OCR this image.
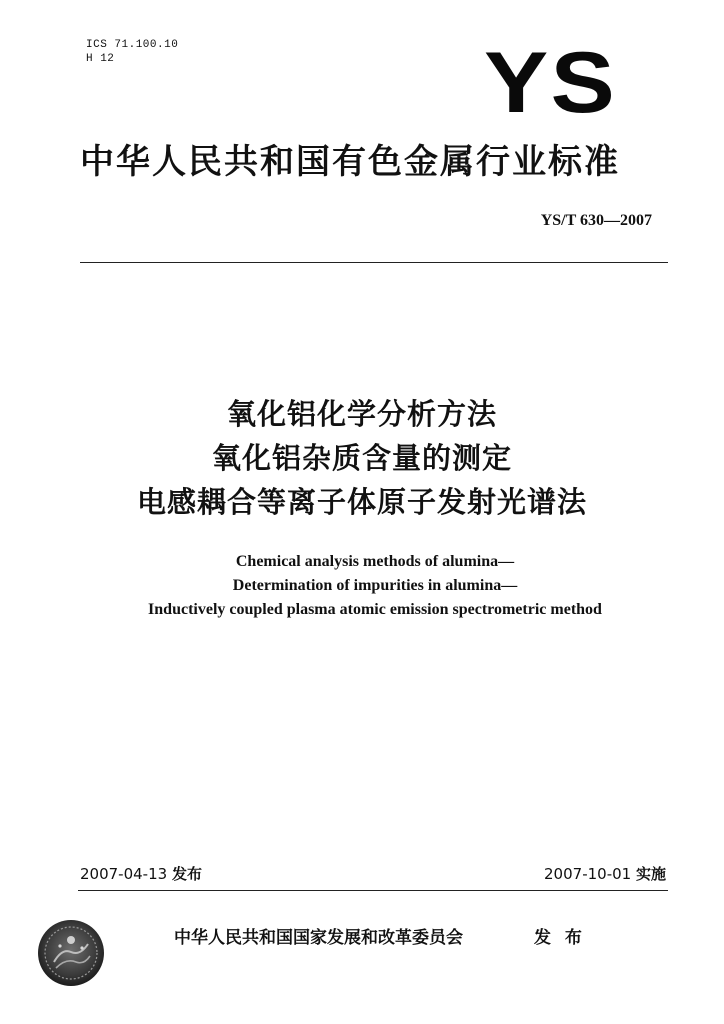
ICS 71.100.10
H 12	YS
中华人民共和国有色金属行业标准
YS/T 630—2007
氧化铝化学分析方法
氧化铝杂质含量的测定
电感耦合等离子体原子发射光谱法
Chemical analysis methods of alumina—
Determination of impurities in alumina—
Inductively coupled plasma atomic emission spectrometric method
2007-04-13 发布	2007-10-01 实施
中华人民共和国国家发展和改革委员会	发 布
